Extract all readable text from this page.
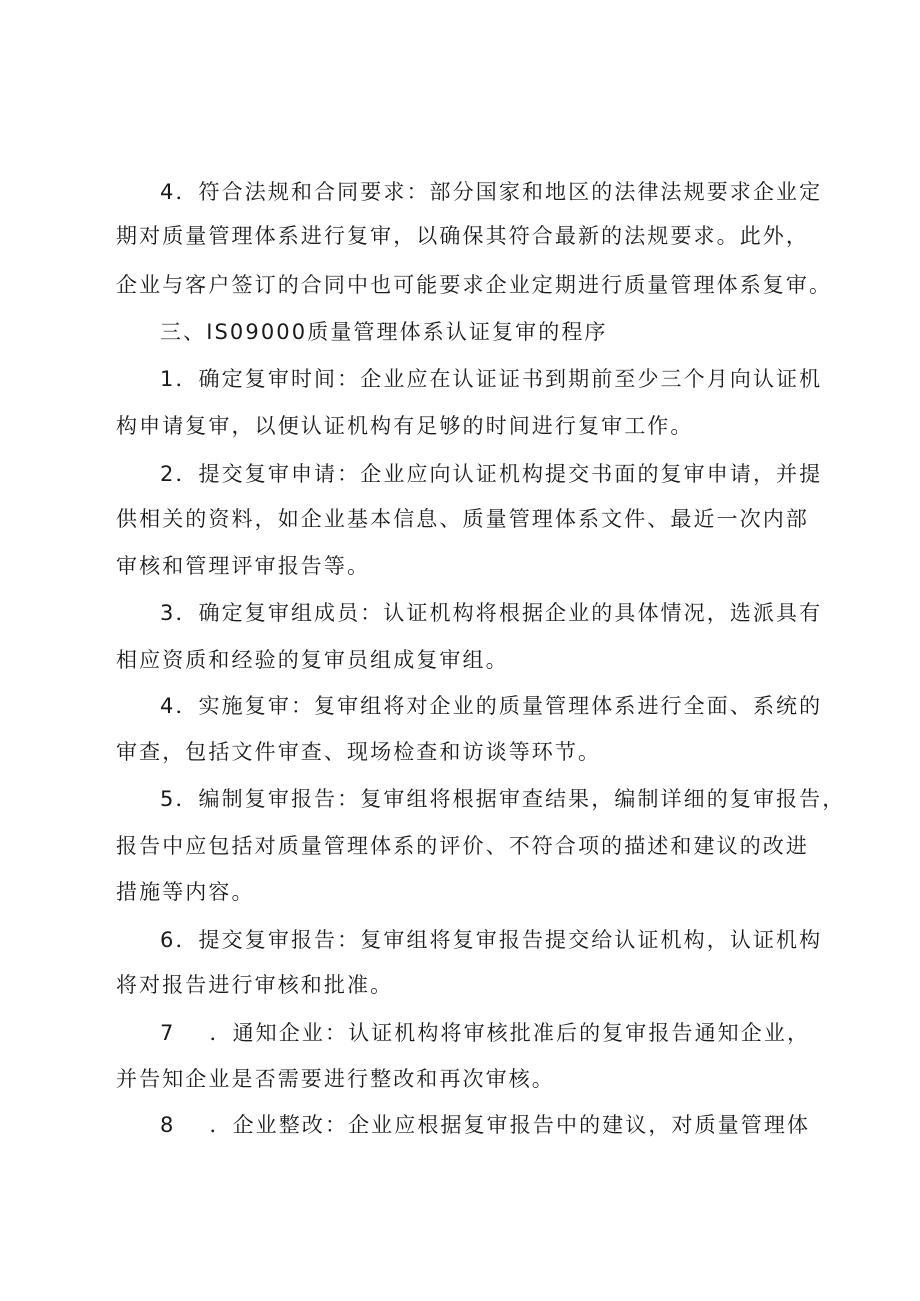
4．符合法规和合同要求：部分国家和地区的法律法规要求企业定

期对质量管理体系进行复审，以确保其符合最新的法规要求。此外，

企业与客户签订的合同中也可能要求企业定期进行质量管理体系复审。

三、IS09000质量管理体系认证复审的程序

1．确定复审时间：企业应在认证证书到期前至少三个月向认证机

构申请复审，以便认证机构有足够的时间进行复审工作。

2．提交复审申请：企业应向认证机构提交书面的复审申请，并提

供相关的资料，如企业基本信息、质量管理体系文件、最近一次内部

审核和管理评审报告等。

3．确定复审组成员：认证机构将根据企业的具体情况，选派具有

相应资质和经验的复审员组成复审组。

4．实施复审：复审组将对企业的质量管理体系进行全面、系统的

审查，包括文件审查、现场检查和访谈等环节。

5．编制复审报告：复审组将根据审查结果，编制详细的复审报告，

报告中应包括对质量管理体系的评价、不符合项的描述和建议的改进

措施等内容。

6．提交复审报告：复审组将复审报告提交给认证机构，认证机构

将对报告进行审核和批准。

7 ．通知企业：认证机构将审核批准后的复审报告通知企业，

并告知企业是否需要进行整改和再次审核。

8 ．企业整改：企业应根据复审报告中的建议，对质量管理体
